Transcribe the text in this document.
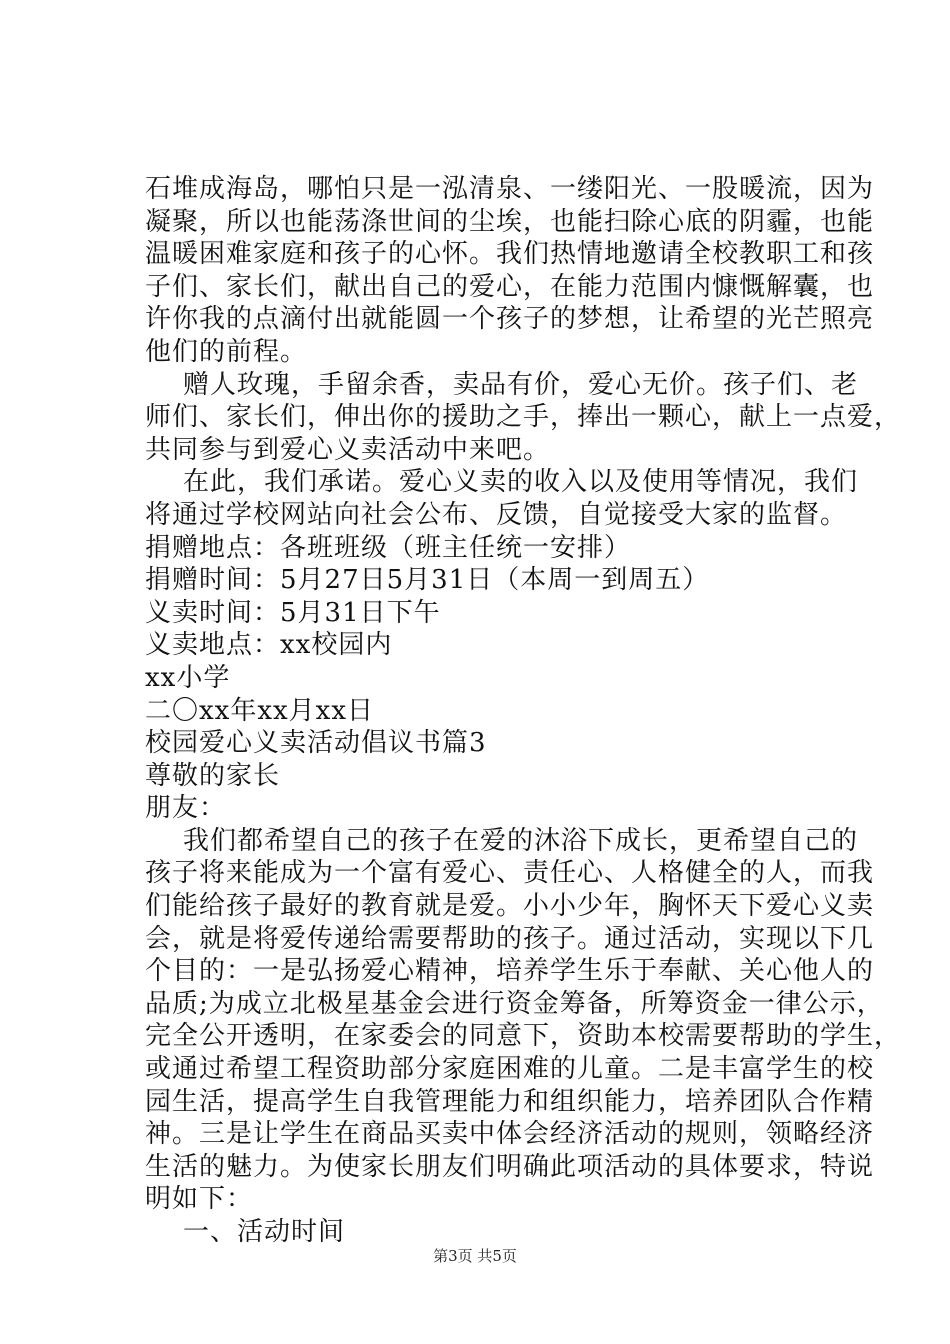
石堆成海岛，哪怕只是一泓清泉、一缕阳光、一股暖流，因为
凝聚，所以也能荡涤世间的尘埃，也能扫除心底的阴霾，也能
温暖困难家庭和孩子的心怀。我们热情地邀请全校教职工和孩
子们、家长们，献出自己的爱心，在能力范围内慷慨解囊，也
许你我的点滴付出就能圆一个孩子的梦想，让希望的光芒照亮
他们的前程。
赠人玫瑰，手留余香，卖品有价，爱心无价。孩子们、老
师们、家长们，伸出你的援助之手，捧出一颗心，献上一点爱，
共同参与到爱心义卖活动中来吧。
在此，我们承诺。爱心义卖的收入以及使用等情况，我们
将通过学校网站向社会公布、反馈，自觉接受大家的监督。
捐赠地点：各班班级（班主任统一安排）
捐赠时间：5月27日5月31日（本周一到周五）
义卖时间：5月31日下午
义卖地点：xx校园内
xx小学
二〇xx年xx月xx日
校园爱心义卖活动倡议书篇3
尊敬的家长
朋友：
我们都希望自己的孩子在爱的沐浴下成长，更希望自己的
孩子将来能成为一个富有爱心、责任心、人格健全的人，而我
们能给孩子最好的教育就是爱。小小少年，胸怀天下爱心义卖
会，就是将爱传递给需要帮助的孩子。通过活动，实现以下几
个目的：一是弘扬爱心精神，培养学生乐于奉献、关心他人的
品质;为成立北极星基金会进行资金筹备，所筹资金一律公示，
完全公开透明，在家委会的同意下，资助本校需要帮助的学生，
或通过希望工程资助部分家庭困难的儿童。二是丰富学生的校
园生活，提高学生自我管理能力和组织能力，培养团队合作精
神。三是让学生在商品买卖中体会经济活动的规则，领略经济
生活的魅力。为使家长朋友们明确此项活动的具体要求，特说
明如下：
一、活动时间
第3页 共5页
